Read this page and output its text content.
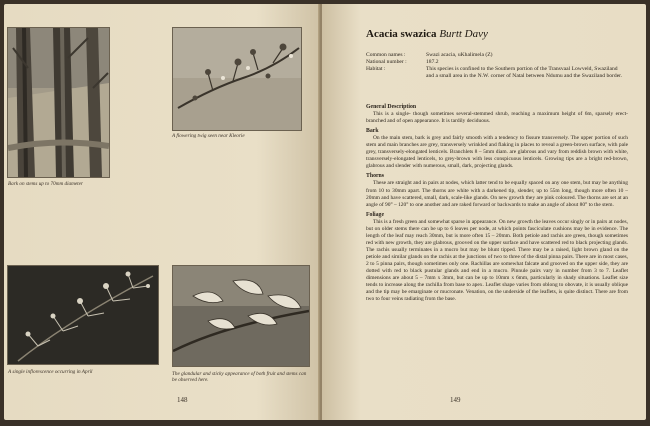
Bark on stems up to 70mm diameter
A flowering twig seen near Kleorie
A single inflorescence occurring in April	The glandular and sticky appearance of both fruit and stems can be observed here.
148
Acacia swazica Burtt Davy
Common names :	Swazi acacia, uKhalimela (Z)
National number :	187.2
Habitat :	This species is confined to the Southern portion of the Transvaal Lowveld, Swaziland and a small area in the N.W. corner of Natal between Ndumu and the Swaziland border.
General Description

This is a single- though sometimes several-stemmed shrub, reaching a maximum height of 6m, sparsely erect-branched and of open appearance. It is tardily deciduous.

Bark

On the main stem, bark is grey and fairly smooth with a tendency to fissure transversely. The upper portion of such stem and main branches are grey, transversely wrinkled and flaking in places to reveal a green-brown surface, with pale grey, transversely-elongated lenticels. Branchlets 8 – 5mm diam. are glabrous and vary from reddish brown with white, transversely-elongated lenticels, to grey-brown with less conspicuous lenticels. Growing tips are a bright red-brown, glabrous and slender with numerous, small, dark, projecting glands.

Thorns

These are straight and in pairs at nodes, which latter tend to be equally spaced on any one stem, but may be anything from 10 to 30mm apart. The thorns are white with a darkened tip, slender, up to 55m long, though more often 10 – 20mm and have scattered, small, dark, scale-like glands. On new growth they are pink coloured. The thorns are set at an angle of 90° – 120° to one another and are raked forward or backwards to make an angle of about 80° to the stem.

Foliage

This is a fresh green and somewhat sparse in appearance. On new growth the leaves occur singly or in pairs at nodes, but on older stems there can be up to 6 leaves per node, at which points fasciculate cushions may be in evidence. The length of the leaf may reach 30mm, but is more often 15 – 20mm. Both petiole and rachis are green, though sometimes red with new growth, they are glabrous, grooved on the upper surface and have scattered red to black projecting glands. The rachis usually terminates in a mucro but may be blunt tipped. There may be a raised, light brown gland on the petiole and similar glands on the rachis at the junctions of two to three of the distal pinna pairs. There are in most cases, 2 to 5 pinna pairs, though sometimes only one. Rachillas are somewhat falcate and grooved on the upper side, they are dotted with red to black pustular glands and end in a mucro. Pinnule pairs vary in number from 3 to 7. Leaflet dimensions are about 5 – 7mm x 3mm, but can be up to 10mm x 6mm, particularly in shady situations. Leaflet size tends to increase along the rachilla from base to apex. Leaflet shape varies from oblong to obovate, it is usually oblique and the tip may be emarginate or mucronate. Venation, on the underside of the leaflets, is quite distinct. There are from two to four veins radiating from the base.

149
